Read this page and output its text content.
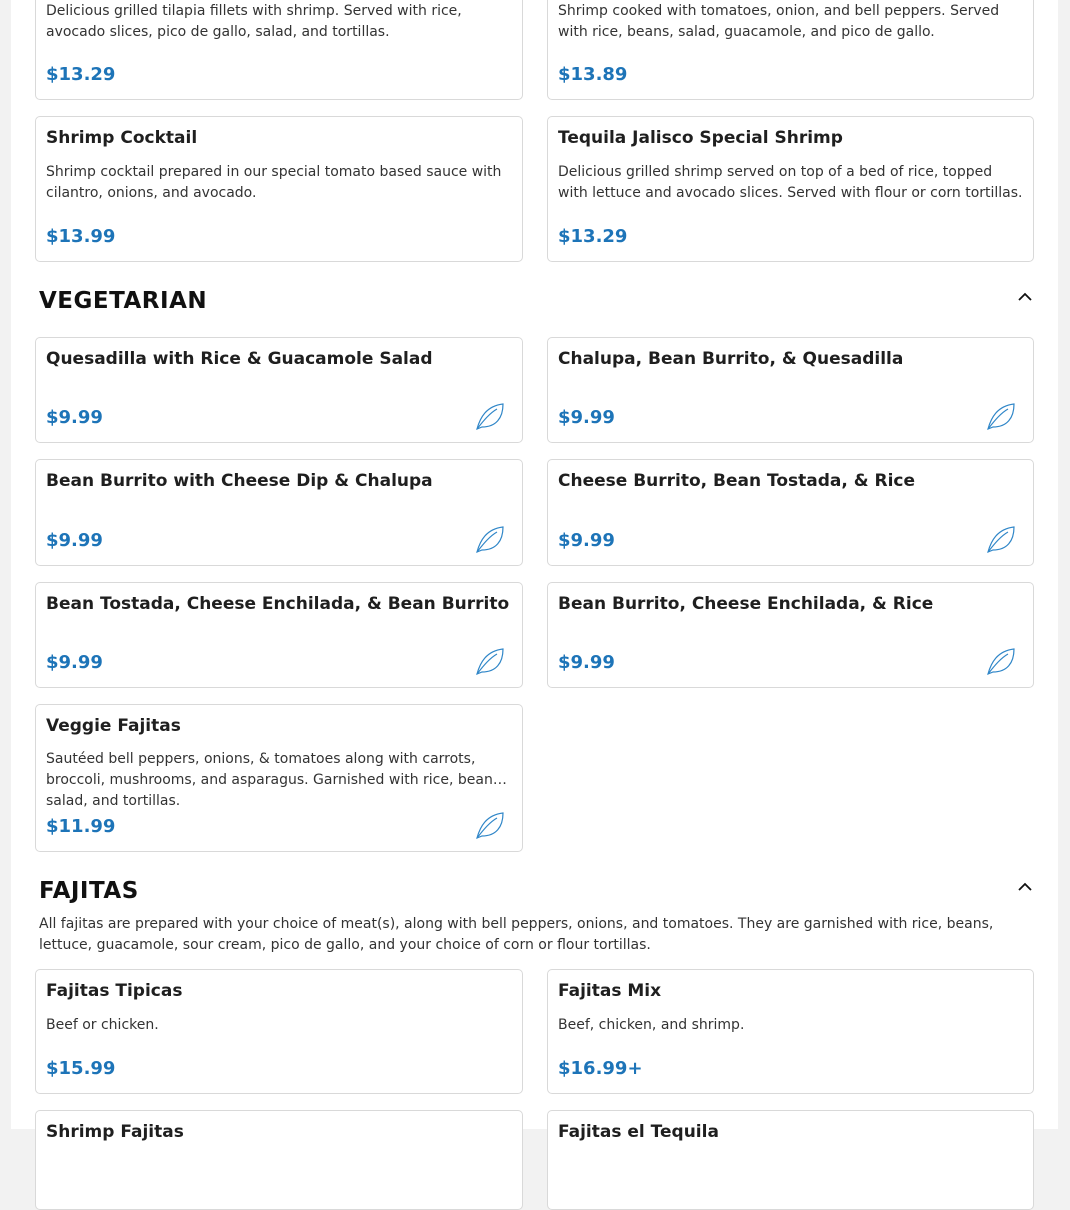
Delicious grilled tilapia fillets with shrimp. Served with rice, avocado slices, pico de gallo, salad, and tortillas.
$13.29
Shrimp cooked with tomatoes, onion, and bell peppers. Served with rice, beans, salad, guacamole, and pico de gallo.
$13.89
Shrimp Cocktail
Shrimp cocktail prepared in our special tomato based sauce with cilantro, onions, and avocado.
$13.99
Tequila Jalisco Special Shrimp
Delicious grilled shrimp served on top of a bed of rice, topped with lettuce and avocado slices. Served with flour or corn tortillas.
$13.29
VEGETARIAN
Quesadilla with Rice & Guacamole Salad
$9.99
Chalupa, Bean Burrito, & Quesadilla
$9.99
Bean Burrito with Cheese Dip & Chalupa
$9.99
Cheese Burrito, Bean Tostada, & Rice
$9.99
Bean Tostada, Cheese Enchilada, & Bean Burrito
$9.99
Bean Burrito, Cheese Enchilada, & Rice
$9.99
Veggie Fajitas
Sautéed bell peppers, onions, & tomatoes along with carrots, broccoli, mushrooms, and asparagus. Garnished with rice, beans, salad, and tortillas.
$11.99
FAJITAS
All fajitas are prepared with your choice of meat(s), along with bell peppers, onions, and tomatoes. They are garnished with rice, beans, lettuce, guacamole, sour cream, pico de gallo, and your choice of corn or flour tortillas.
Fajitas Tipicas
Beef or chicken.
$15.99
Fajitas Mix
Beef, chicken, and shrimp.
$16.99+
Shrimp Fajitas	Fajitas el Tequila
